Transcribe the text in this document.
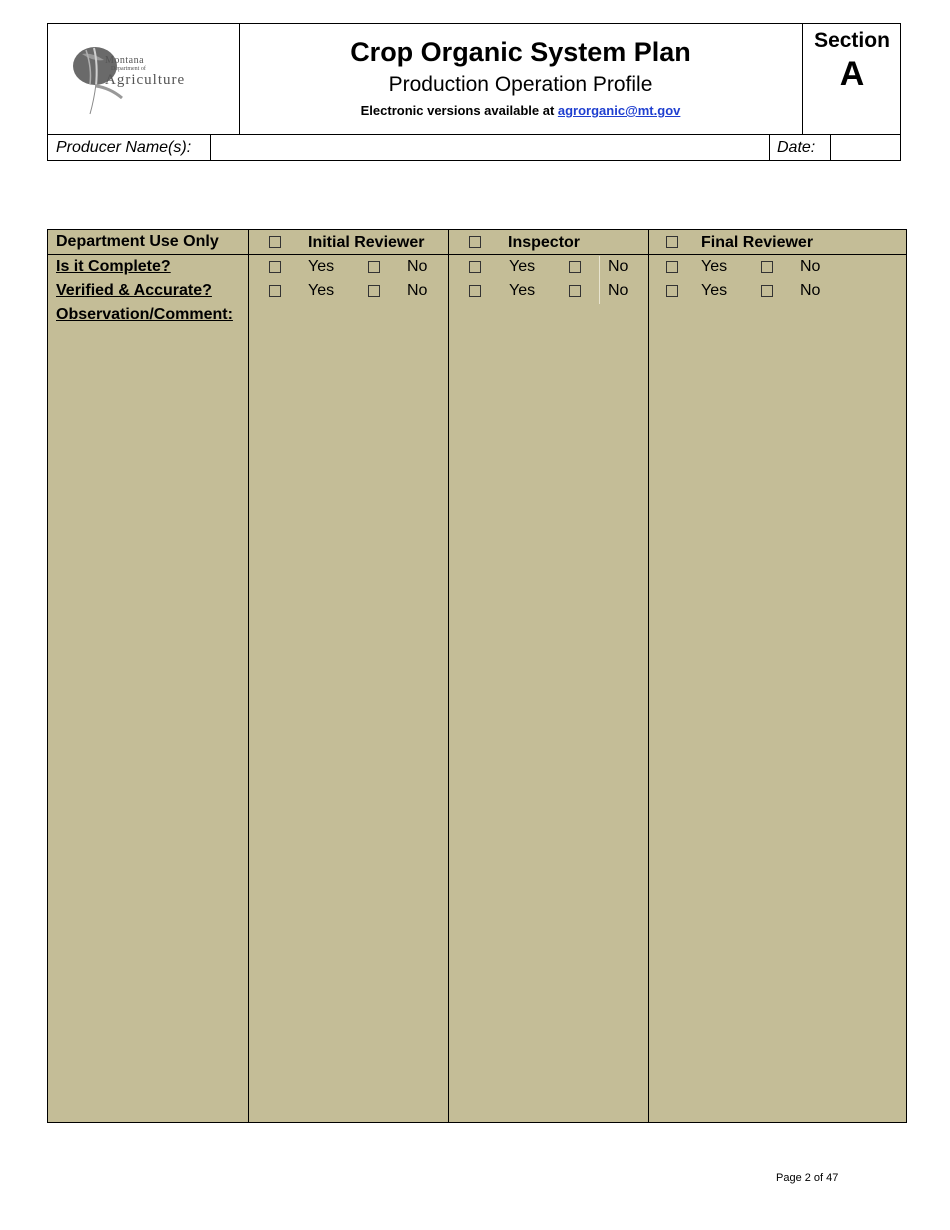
Montana
Department of
Agriculture
Crop Organic System Plan
Production Operation Profile
Electronic versions available at agrorganic@mt.gov
Section
A
Producer Name(s):	Date:
Department Use Only	Initial Reviewer	Inspector	Final Reviewer
Is it Complete?	Yes	No	Yes	No	Yes	No
Verified & Accurate?	Yes	No	Yes	No	Yes	No
Observation/Comment:
Page 2 of 47
